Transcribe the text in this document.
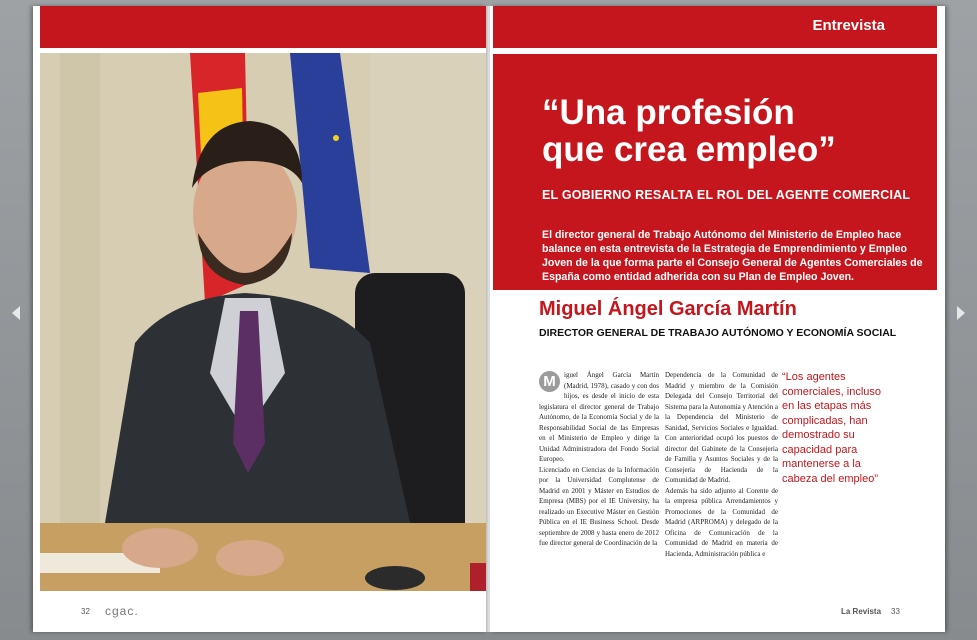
32 cgac.
Entrevista
“Una profesión
que crea empleo”
EL GOBIERNO RESALTA EL ROL DEL AGENTE COMERCIAL

El director general de Trabajo Autónomo del Ministerio de Empleo hace balance en esta entrevista de la Estrategia de Emprendimiento y Empleo Joven de la que forma parte el Consejo General de Agentes Comerciales de España como entidad adherida con su Plan de Empleo Joven.

Miguel Ángel García Martín
DIRECTOR GENERAL DE TRABAJO AUTÓNOMO Y ECONOMÍA SOCIAL
M	iguel Ángel García Martín (Madrid, 1978), casado y con dos hijos, es desde el inicio de esta legislatura el director general de Trabajo Autónomo, de la Economía Social y de la Responsabilidad Social de las Empresas en el Ministerio de Empleo y dirige la Unidad Administradora del Fondo Social Europeo.
Licenciado en Ciencias de la Información por la Universidad Complutense de Madrid en 2001 y Máster en Estudios de Empresa (MBS) por el IE University, ha realizado un Executive Máster en Gestión Pública en el IE Business School. Desde septiembre de 2008 y hasta enero de 2012 fue director general de Coordinación de la
Dependencia de la Comunidad de Madrid y miembro de la Comisión Delegada del Consejo Territorial del Sistema para la Autonomía y Atención a la Dependencia del Ministerio de Sanidad, Servicios Sociales e Igualdad. Con anterioridad ocupó los puestos de director del Gabinete de la Consejería de Familia y Asuntos Sociales y de la Consejería de Hacienda de la Comunidad de Madrid.
Además ha sido adjunto al Corente de la empresa pública Arrendamientos y Promociones de la Comunidad de Madrid (ARPROMA) y delegado de la Oficina de Comunicación de la Comunidad de Madrid en materia de Hacienda, Administración pública e

“Los agentes comerciales, incluso en las etapas más complicadas, han demostrado su capacidad para mantenerse a la cabeza del empleo”

La Revista 33
